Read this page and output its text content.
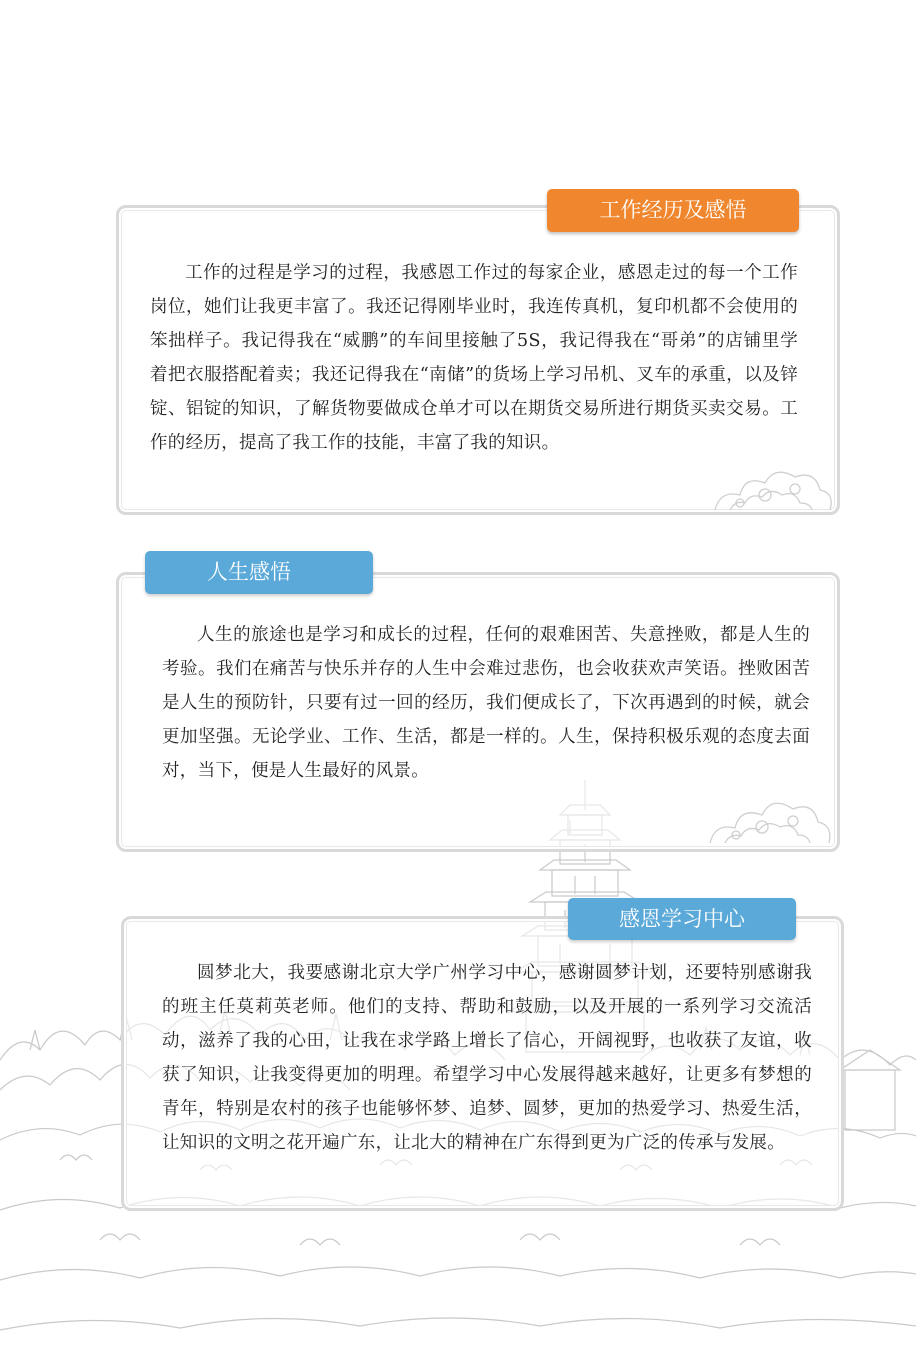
工作经历及感悟

工作的过程是学习的过程，我感恩工作过的每家企业，感恩走过的每一个工作岗位，她们让我更丰富了。我还记得刚毕业时，我连传真机，复印机都不会使用的笨拙样子。我记得我在“威鹏”的车间里接触了5S，我记得我在“哥弟”的店铺里学着把衣服搭配着卖；我还记得我在“南储”的货场上学习吊机、叉车的承重，以及锌锭、铝锭的知识，了解货物要做成仓单才可以在期货交易所进行期货买卖交易。工作的经历，提高了我工作的技能，丰富了我的知识。

人生感悟

人生的旅途也是学习和成长的过程，任何的艰难困苦、失意挫败，都是人生的考验。我们在痛苦与快乐并存的人生中会难过悲伤，也会收获欢声笑语。挫败困苦是人生的预防针，只要有过一回的经历，我们便成长了，下次再遇到的时候，就会更加坚强。无论学业、工作、生活，都是一样的。人生，保持积极乐观的态度去面对，当下，便是人生最好的风景。

感恩学习中心

圆梦北大，我要感谢北京大学广州学习中心，感谢圆梦计划，还要特别感谢我的班主任莫莉英老师。他们的支持、帮助和鼓励，以及开展的一系列学习交流活动，滋养了我的心田，让我在求学路上增长了信心，开阔视野，也收获了友谊，收获了知识，让我变得更加的明理。希望学习中心发展得越来越好，让更多有梦想的青年，特别是农村的孩子也能够怀梦、追梦、圆梦，更加的热爱学习、热爱生活，让知识的文明之花开遍广东，让北大的精神在广东得到更为广泛的传承与发展。
